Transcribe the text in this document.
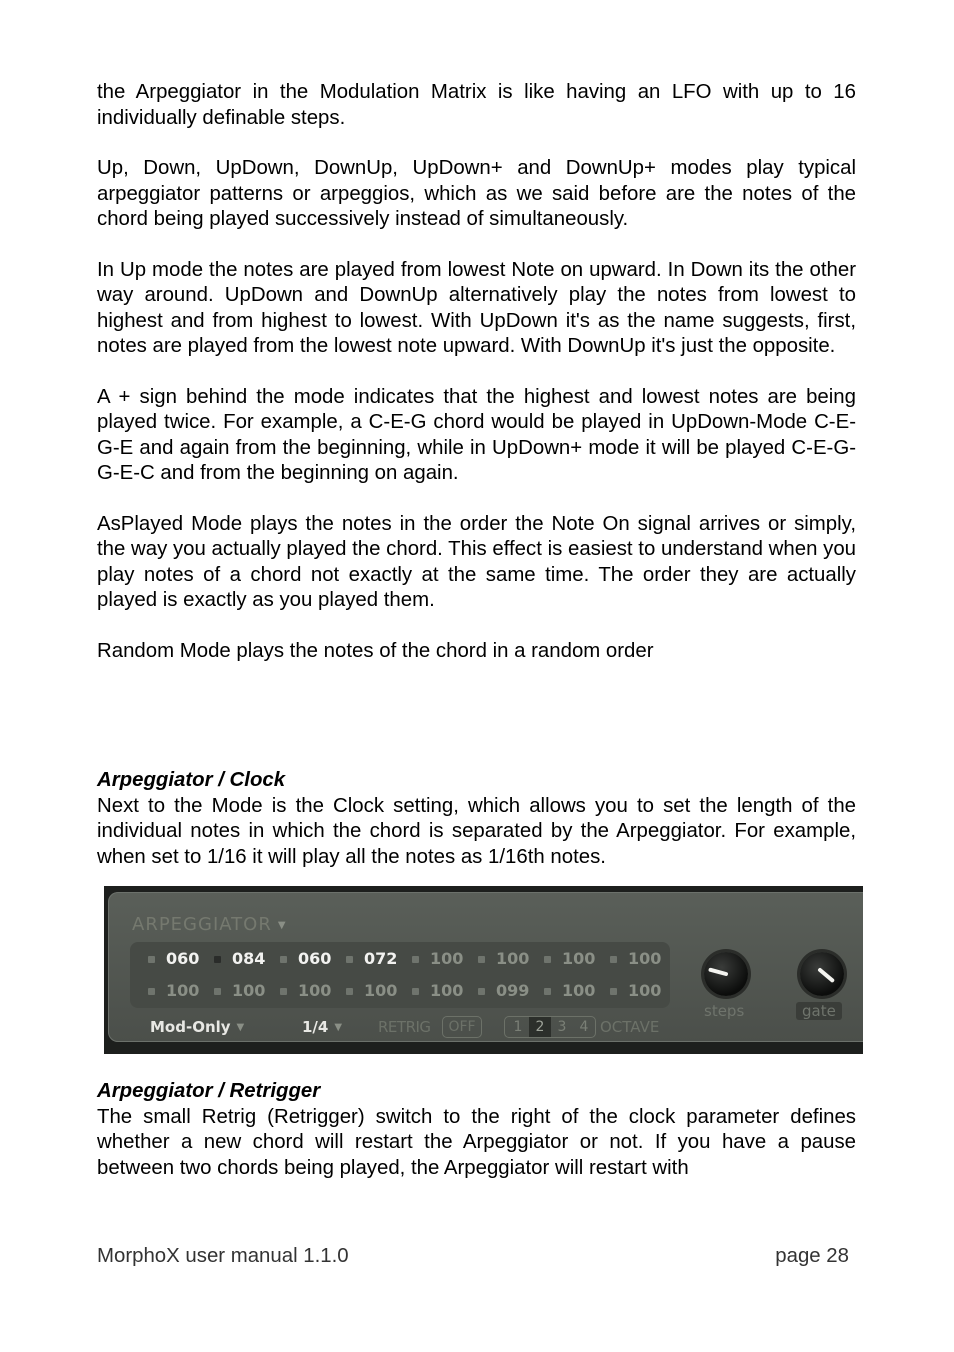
the Arpeggiator in the Modulation Matrix is like having an LFO with up to 16 individually definable steps.

Up, Down, UpDown, DownUp, UpDown+ and DownUp+ modes play typical arpeggiator patterns or arpeggios, which as we said before are the notes of the chord being played successively instead of simultaneously.

In Up mode the notes are played from lowest Note on upward. In Down its the other way around. UpDown and DownUp alternatively play the notes from lowest to highest and from highest to lowest. With UpDown it's as the name suggests, first, notes are played from the lowest note upward. With DownUp it's just the opposite.

A + sign behind the mode indicates that the highest and lowest notes are being played twice. For example, a C-E-G chord would be played in UpDown-Mode C-E-G-E and again from the beginning, while in UpDown+ mode it will be played C-E-G-G-E-C and from the beginning on again.

AsPlayed Mode plays the notes in the order the Note On signal arrives or simply, the way you actually played the chord. This effect is easiest to understand when you play notes of a chord not exactly at the same time. The order they are actually played is exactly as you played them.

Random Mode plays the notes of the chord in a random order

Arpeggiator / Clock

Next to the Mode is the Clock setting, which allows you to set the length of the individual notes in which the chord is separated by the Arpeggiator. For example, when set to 1/16 it will play all the notes as 1/16th notes.

ARPEGGIATOR ▼
060 084 060 072 100 100 100 100
100 100 100 100 100 099 100 100
Mod-Only ▼	1/4 ▼ RETRIG	OFF	1 2 3 4 OCTAVE
steps	gate
Arpeggiator / Retrigger

The small Retrig (Retrigger) switch to the right of the clock parameter defines whether a new chord will restart the Arpeggiator or not. If you have a pause between two chords being played, the Arpeggiator will restart with

MorphoX user manual 1.1.0	page 28
